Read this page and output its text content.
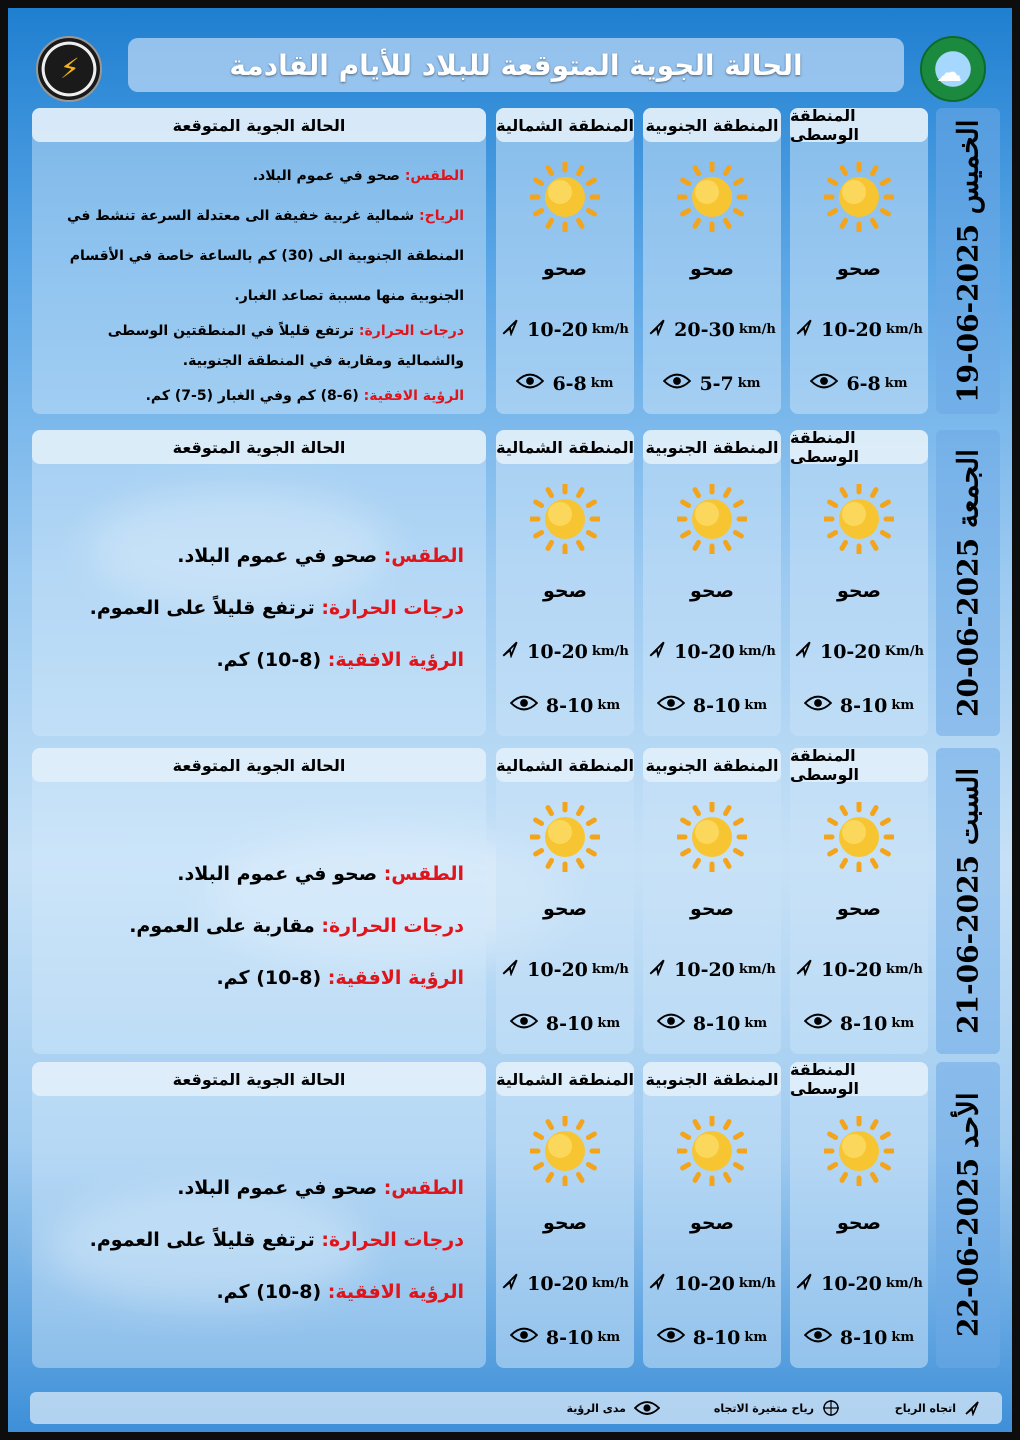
⚡	☁
الحالة الجوية المتوقعة للبلاد للأيام القادمة
الخميس 2025-06-19
المنطقة الوسطى
صحو
10-20 km/h
6-8 km
المنطقة الجنوبية
صحو
20-30 km/h
5-7 km
المنطقة الشمالية
صحو
10-20 km/h
6-8 km
الحالة الجوية المتوقعة

الطقس: صحو في عموم البلاد.

الرياح: شمالية غربية خفيفة الى معتدلة السرعة تنشط في المنطقة الجنوبية الى (30) كم بالساعة خاصة في الأقسام الجنوبية منها مسببة تصاعد الغبار.

درجات الحرارة: ترتفع قليلاً في المنطقتين الوسطى والشمالية ومقاربة في المنطقة الجنوبية.

الرؤية الافقية: (6-8) كم وفي الغبار (5-7) كم.

الجمعة 2025-06-20
المنطقة الوسطى
صحو
10-20 Km/h
8-10 km
المنطقة الجنوبية
صحو
10-20 km/h
8-10 km
المنطقة الشمالية
صحو
10-20 km/h
8-10 km
الحالة الجوية المتوقعة

الطقس: صحو في عموم البلاد.

درجات الحرارة: ترتفع قليلاً على العموم.

الرؤية الافقية: (8-10) كم.

السبت 2025-06-21
المنطقة الوسطى
صحو
10-20 km/h
8-10 km
المنطقة الجنوبية
صحو
10-20 km/h
8-10 km
المنطقة الشمالية
صحو
10-20 km/h
8-10 km
الحالة الجوية المتوقعة

الطقس: صحو في عموم البلاد.

درجات الحرارة: مقاربة على العموم.

الرؤية الافقية: (8-10) كم.

الأحد 2025-06-22
المنطقة الوسطى
صحو
10-20 km/h
8-10 km
المنطقة الجنوبية
صحو
10-20 km/h
8-10 km
المنطقة الشمالية
صحو
10-20 km/h
8-10 km
الحالة الجوية المتوقعة

الطقس: صحو في عموم البلاد.

درجات الحرارة: ترتفع قليلاً على العموم.

الرؤية الافقية: (8-10) كم.

اتجاه الرياح
رياح متغيرة الاتجاه
مدى الرؤية
